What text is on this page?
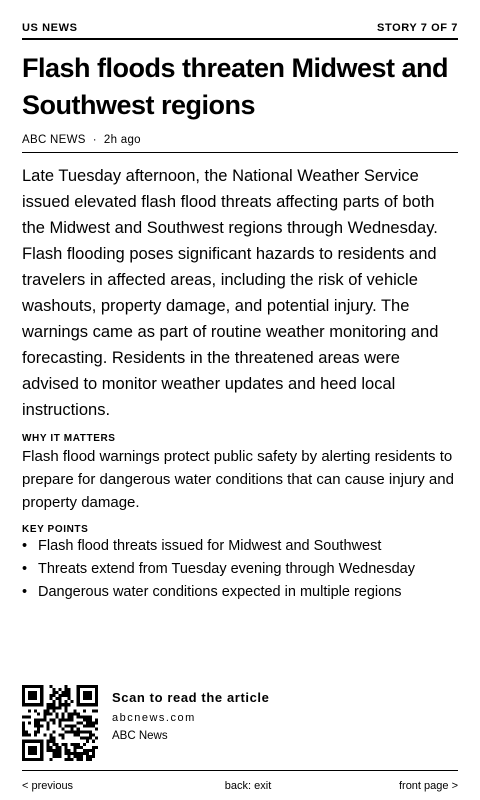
US NEWS	STORY 7 OF 7
Flash floods threaten Midwest and Southwest regions
ABC NEWS · 2h ago

Late Tuesday afternoon, the National Weather Service issued elevated flash flood threats affecting parts of both the Midwest and Southwest regions through Wednesday. Flash flooding poses significant hazards to residents and travelers in affected areas, including the risk of vehicle washouts, property damage, and potential injury. The warnings came as part of routine weather monitoring and forecasting. Residents in the threatened areas were advised to monitor weather updates and heed local instructions.

WHY IT MATTERS

Flash flood warnings protect public safety by alerting residents to prepare for dangerous water conditions that can cause injury and property damage.

KEY POINTS
• Flash flood threats issued for Midwest and Southwest
• Threats extend from Tuesday evening through Wednesday
• Dangerous water conditions expected in multiple regions
Scan to read the article
abcnews.com
ABC News
< previous	back: exit	front page >
